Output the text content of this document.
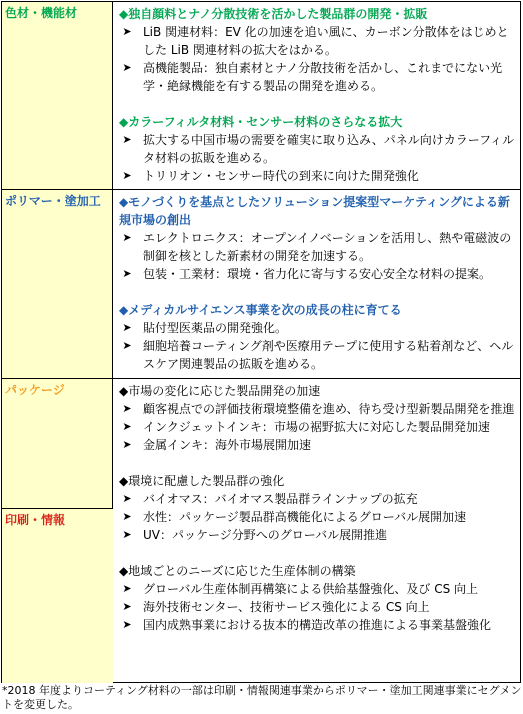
色材・機能材	◆独自顔料とナノ分散技術を活かした製品群の開発・拡販

➤ LiB 関連材料：EV 化の加速を追い風に、カーボン分散体をはじめとした LiB 関連材料の拡大をはかる。
➤ 高機能製品：独自素材とナノ分散技術を活かし、これまでにない光学・絶縁機能を有する製品の開発を進める。

◆カラーフィルタ材料・センサー材料のさらなる拡大

➤ 拡大する中国市場の需要を確実に取り込み、パネル向けカラーフィルタ材料の拡販を進める。
➤ トリリオン・センサー時代の到来に向けた開発強化
ポリマー・塗加工	◆モノづくりを基点としたソリューション提案型マーケティングによる新規市場の創出

➤ エレクトロニクス：オープンイノベーションを活用し、熱や電磁波の制御を核とした新素材の開発を加速する。
➤ 包装・工業材：環境・省力化に寄与する安心安全な材料の提案。

◆メディカルサイエンス事業を次の成長の柱に育てる

➤ 貼付型医薬品の開発強化。
➤ 細胞培養コーティング剤や医療用テープに使用する粘着剤など、ヘルスケア関連製品の拡販を進める。
パッケージ
印刷・情報

◆市場の変化に応じた製品開発の加速

➤ 顧客視点での評価技術環境整備を進め、待ち受け型新製品開発を推進
➤ インクジェットインキ：市場の裾野拡大に対応した製品開発加速
➤ 金属インキ：海外市場展開加速

◆環境に配慮した製品群の強化

➤ バイオマス：バイオマス製品群ラインナップの拡充
➤ 水性：パッケージ製品群高機能化によるグローバル展開加速
➤ UV：パッケージ分野へのグローバル展開推進

◆地域ごとのニーズに応じた生産体制の構築

➤ グローバル生産体制再構築による供給基盤強化、及び CS 向上
➤ 海外技術センター、技術サービス強化による CS 向上
➤ 国内成熟事業における抜本的構造改革の推進による事業基盤強化
*2018 年度よりコーティング材料の一部は印刷・情報関連事業からポリマー・塗加工関連事業にセグメントを変更した。
